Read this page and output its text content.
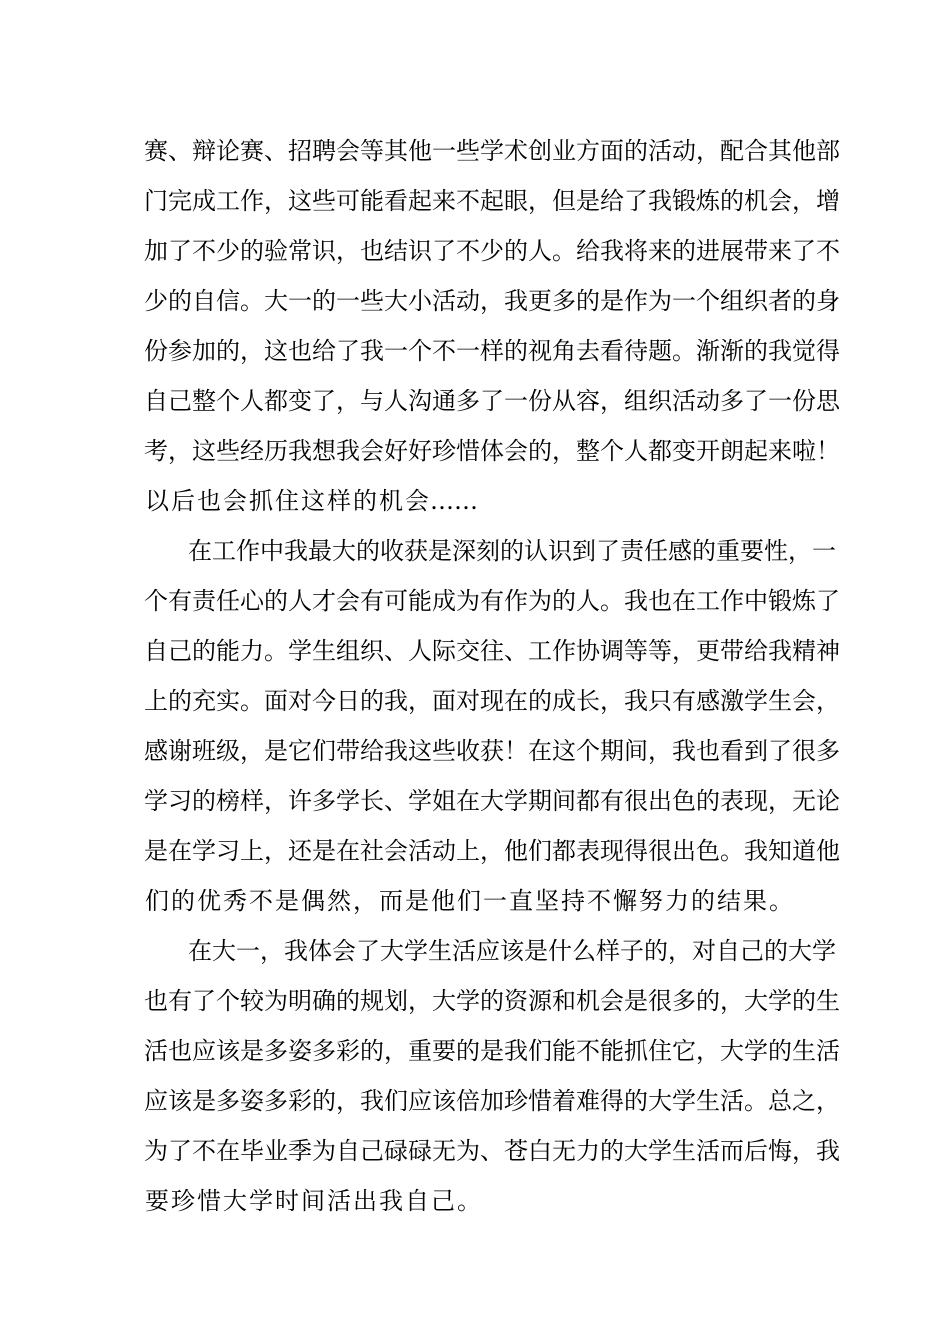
赛 、 辩 论 赛 、 招 聘 会 等 其 他 一 些 学 术 创 业 方 面 的 活 动 ， 配 合 其 他 部
门 完 成 工 作 ， 这 些 可 能 看 起 来 不 起 眼 ， 但 是 给 了 我 锻 炼 的 机 会 ， 增
加 了 不 少 的 验 常 识 ， 也 结 识 了 不 少 的 人 。 给 我 将 来 的 进 展 带 来 了 不
少 的 自 信 。 大 一 的 一 些 大 小 活 动 ， 我 更 多 的 是 作 为 一 个 组 织 者 的 身
份 参 加 的 ， 这 也 给 了 我 一 个 不 一 样 的 视 角 去 看 待 题 。 渐 渐 的 我 觉 得
自 己 整 个 人 都 变 了 ， 与 人 沟 通 多 了 一 份 从 容 ， 组 织 活 动 多 了 一 份 思
考 ， 这 些 经 历 我 想 我 会 好 好 珍 惜 体 会 的 ， 整 个 人 都 变 开 朗 起 来 啦 ！
以 后 也 会 抓 住 这 样 的 机 会 … …
在 工 作 中 我 最 大 的 收 获 是 深 刻 的 认 识 到 了 责 任 感 的 重 要 性 ， 一
个 有 责 任 心 的 人 才 会 有 可 能 成 为 有 作 为 的 人 。 我 也 在 工 作 中 锻 炼 了
自 己 的 能 力 。 学 生 组 织 、 人 际 交 往 、 工 作 协 调 等 等 ， 更 带 给 我 精 神
上 的 充 实 。 面 对 今 日 的 我 ， 面 对 现 在 的 成 长 ， 我 只 有 感 激 学 生 会 ，
感 谢 班 级 ， 是 它 们 带 给 我 这 些 收 获 ！ 在 这 个 期 间 ， 我 也 看 到 了 很 多
学 习 的 榜 样 ， 许 多 学 长 、 学 姐 在 大 学 期 间 都 有 很 出 色 的 表 现 ， 无 论
是 在 学 习 上 ， 还 是 在 社 会 活 动 上 ， 他 们 都 表 现 得 很 出 色 。 我 知 道 他
们 的 优 秀 不 是 偶 然 ， 而 是 他 们 一 直 坚 持 不 懈 努 力 的 结 果 。
在 大 一 ， 我 体 会 了 大 学 生 活 应 该 是 什 么 样 子 的 ， 对 自 己 的 大 学
也 有 了 个 较 为 明 确 的 规 划 ， 大 学 的 资 源 和 机 会 是 很 多 的 ， 大 学 的 生
活 也 应 该 是 多 姿 多 彩 的 ， 重 要 的 是 我 们 能 不 能 抓 住 它 ， 大 学 的 生 活
应 该 是 多 姿 多 彩 的 ， 我 们 应 该 倍 加 珍 惜 着 难 得 的 大 学 生 活 。 总 之 ，
为 了 不 在 毕 业 季 为 自 己 碌 碌 无 为 、 苍 白 无 力 的 大 学 生 活 而 后 悔 ， 我
要 珍 惜 大 学 时 间 活 出 我 自 己 。
